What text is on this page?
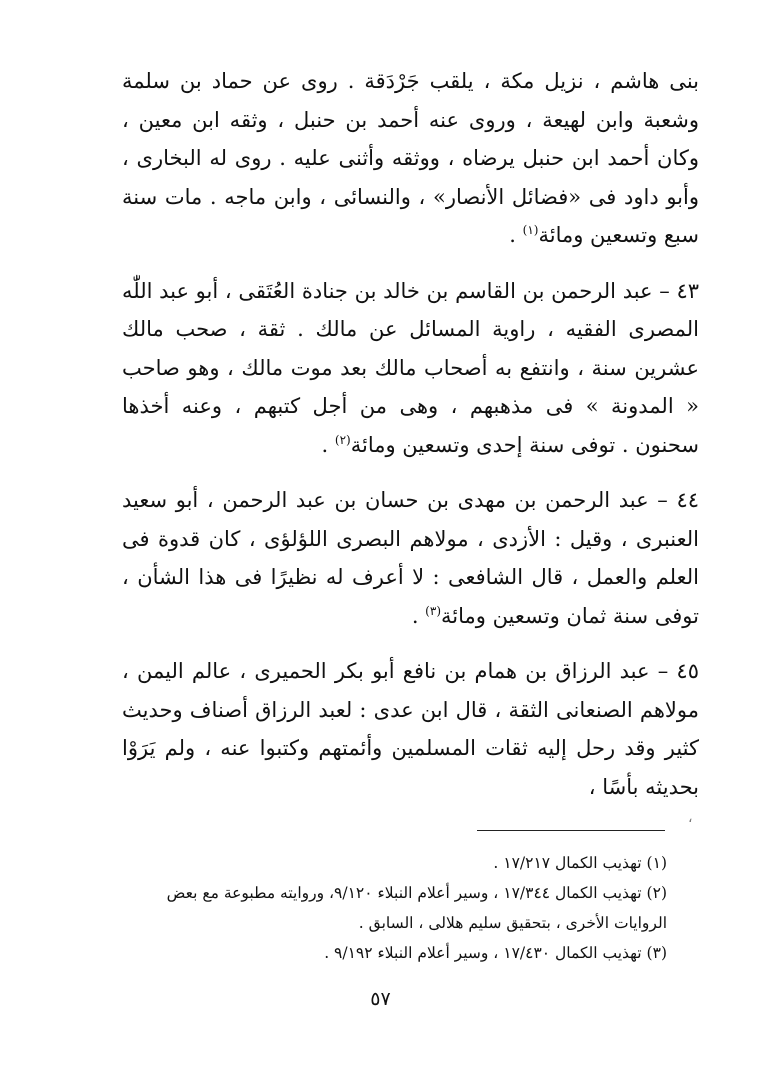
بنى هاشم ، نزيل مكة ، يلقب جَرْدَقة . روى عن حماد بن سلمة وشعبة وابن لهيعة ، وروى عنه أحمد بن حنبل ، وثقه ابن معين ، وكان أحمد ابن حنبل يرضاه ، ووثقه وأثنى عليه . روى له البخارى ، وأبو داود فى «فضائل الأنصار» ، والنسائى ، وابن ماجه . مات سنة سبع وتسعين ومائة$^{(١)}$ .

٤٣ – عبد الرحمن بن القاسم بن خالد بن جنادة العُتَقى ، أبو عبد اللّٰه المصرى الفقيه ، راوية المسائل عن مالك . ثقة ، صحب مالك عشرين سنة ، وانتفع به أصحاب مالك بعد موت مالك ، وهو صاحب « المدونة » فى مذهبهم ، وهى من أجل كتبهم ، وعنه أخذها سحنون . توفى سنة إحدى وتسعين ومائة$^{(٢)}$ .

٤٤ – عبد الرحمن بن مهدى بن حسان بن عبد الرحمن ، أبو سعيد العنبرى ، وقيل : الأزدى ، مولاهم البصرى اللؤلؤى ، كان قدوة فى العلم والعمل ، قال الشافعى : لا أعرف له نظيرًا فى هذا الشأن ، توفى سنة ثمان وتسعين ومائة$^{(٣)}$ .

٤٥ – عبد الرزاق بن همام بن نافع أبو بكر الحميرى ، عالم اليمن ، مولاهم الصنعانى الثقة ، قال ابن عدى : لعبد الرزاق أصناف وحديث كثير وقد رحل إليه ثقات المسلمين وأئمتهم وكتبوا عنه ، ولم يَرَوْا بحديثه بأسًا ،

،

(١) تهذيب الكمال ١٧/٢١٧ .

(٢) تهذيب الكمال ١٧/٣٤٤ ، وسير أعلام النبلاء ٩/١٢٠، وروايته مطبوعة مع بعض الروايات الأخرى ، بتحقيق سليم هلالى ، السابق .

(٣) تهذيب الكمال ١٧/٤٣٠ ، وسير أعلام النبلاء ٩/١٩٢ .

٥٧
